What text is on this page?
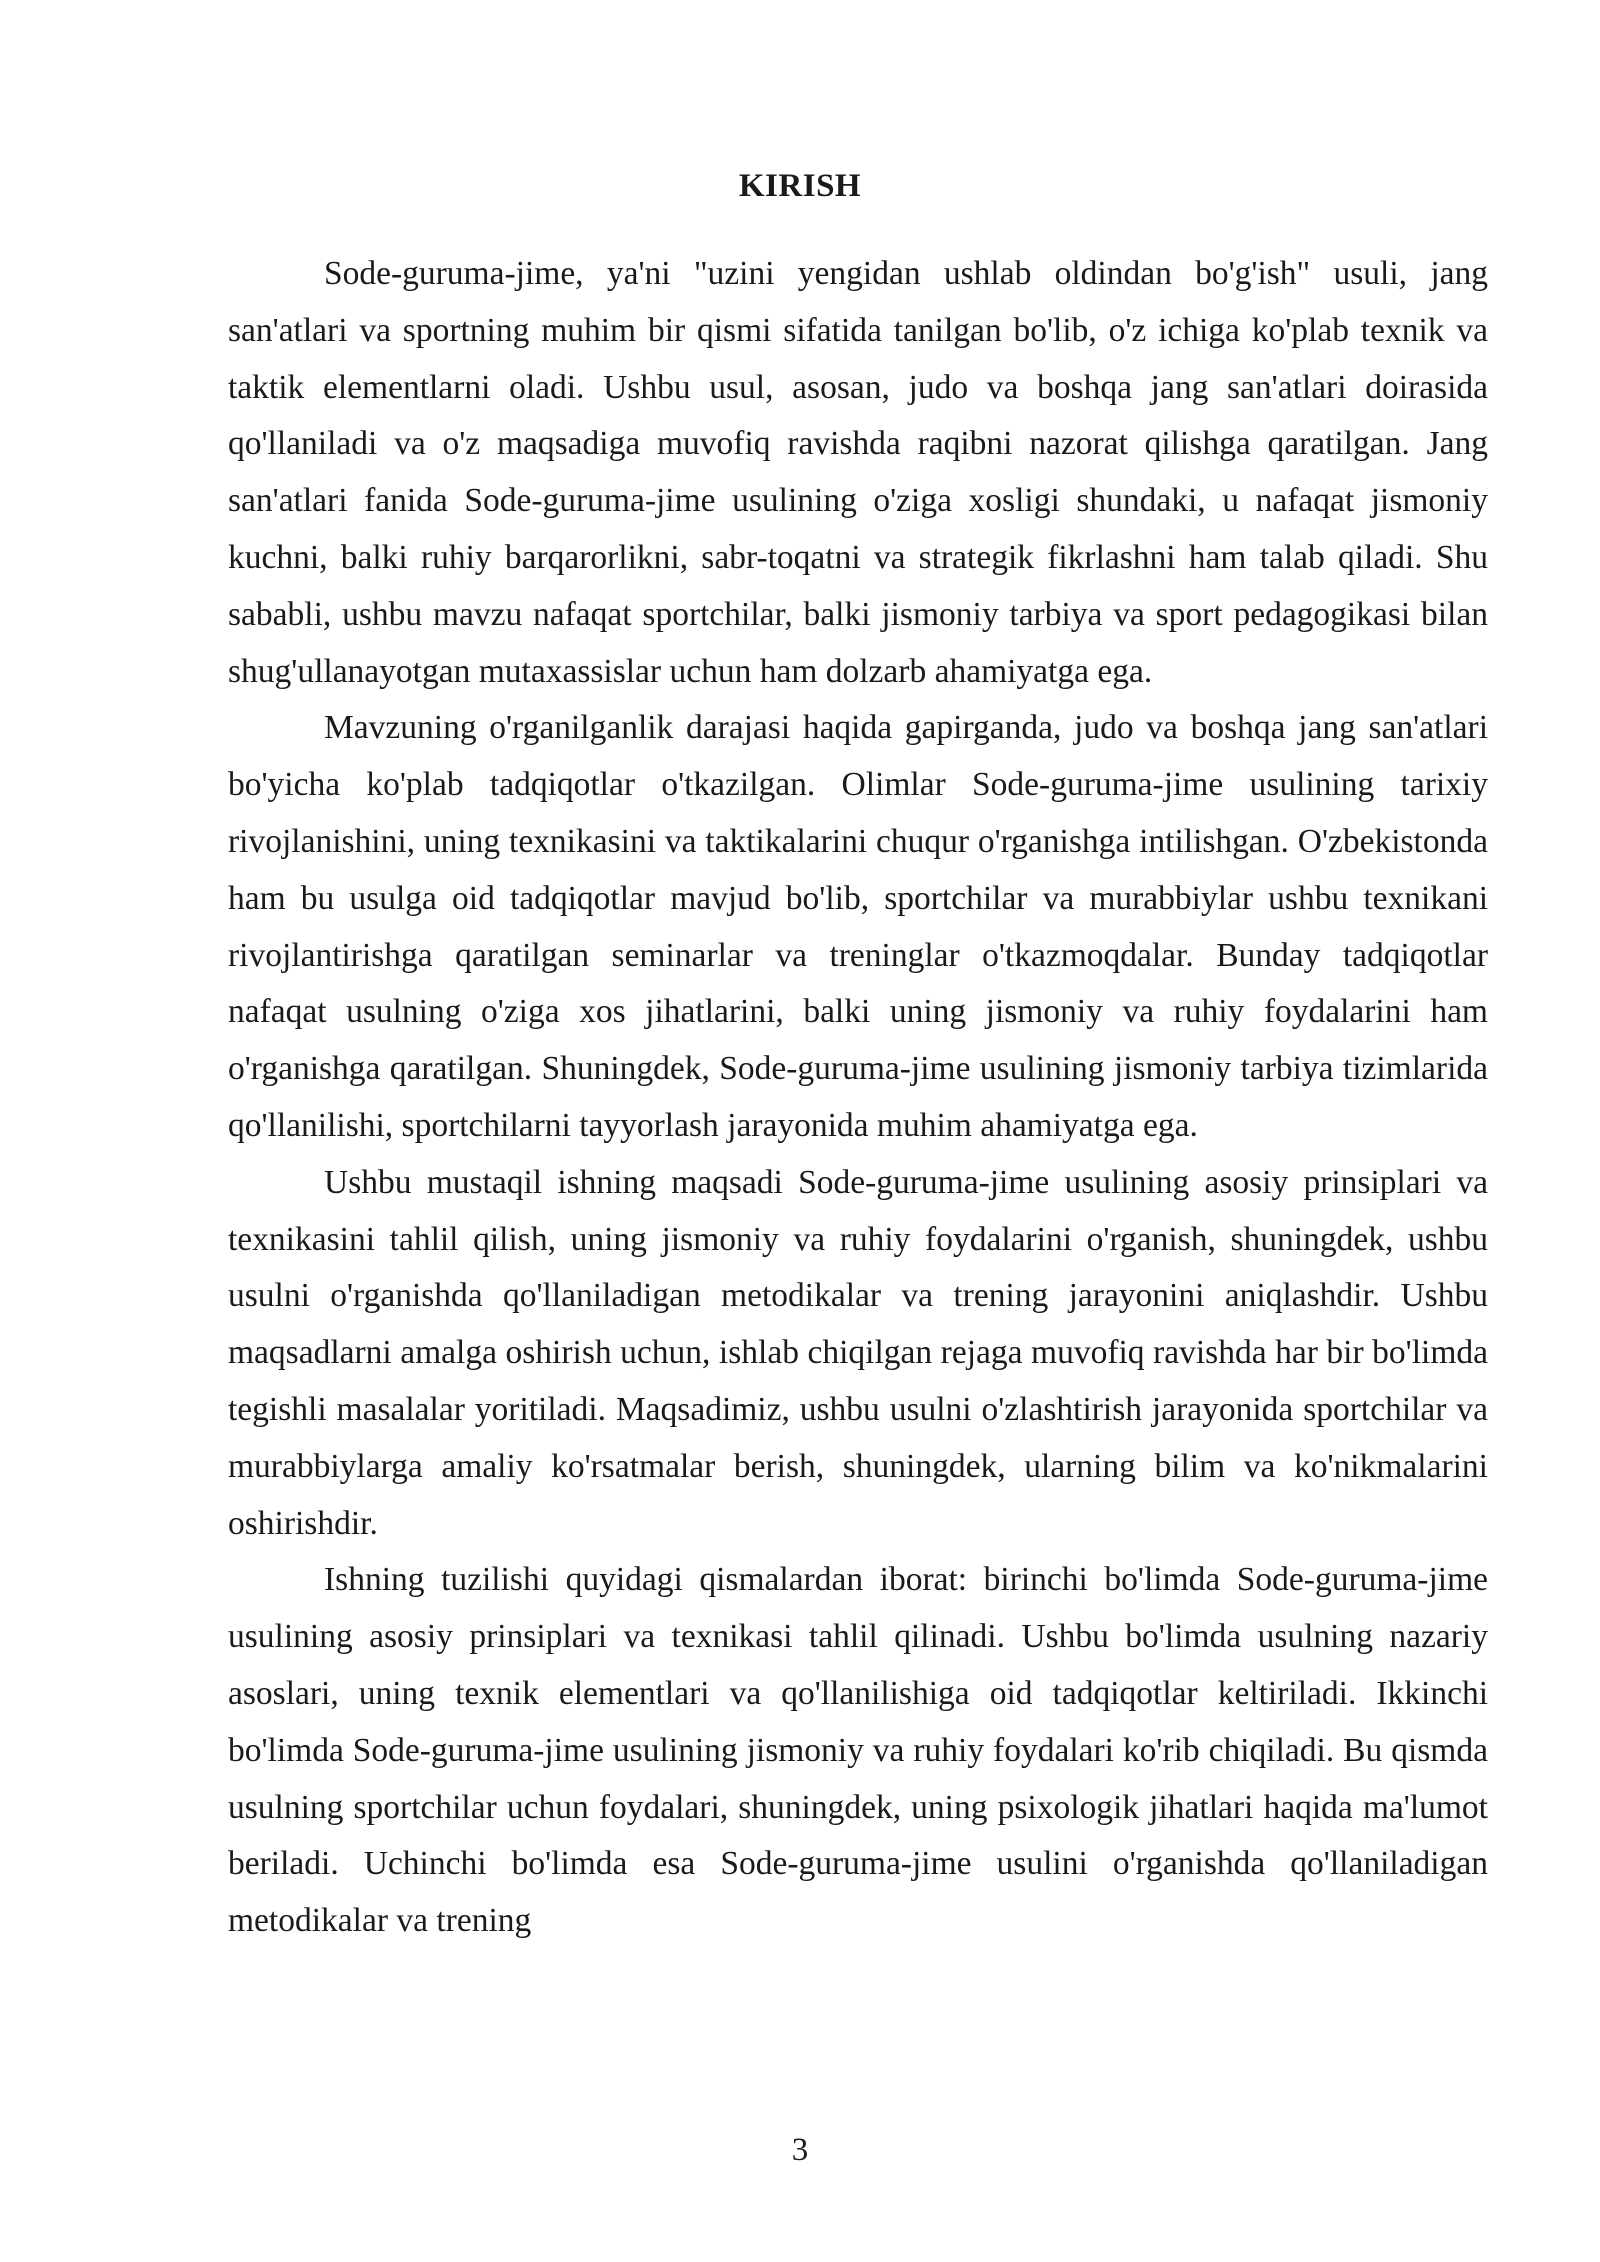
KIRISH

Sode-guruma-jime, ya'ni "uzini yengidan ushlab oldindan bo'g'ish" usuli, jang san'atlari va sportning muhim bir qismi sifatida tanilgan bo'lib, o'z ichiga ko'plab texnik va taktik elementlarni oladi. Ushbu usul, asosan, judo va boshqa jang san'atlari doirasida qo'llaniladi va o'z maqsadiga muvofiq ravishda raqibni nazorat qilishga qaratilgan. Jang san'atlari fanida Sode-guruma-jime usulining o'ziga xosligi shundaki, u nafaqat jismoniy kuchni, balki ruhiy barqarorlikni, sabr-toqatni va strategik fikrlashni ham talab qiladi. Shu sababli, ushbu mavzu nafaqat sportchilar, balki jismoniy tarbiya va sport pedagogikasi bilan shug'ullanayotgan mutaxassislar uchun ham dolzarb ahamiyatga ega.

Mavzuning o'rganilganlik darajasi haqida gapirganda, judo va boshqa jang san'atlari bo'yicha ko'plab tadqiqotlar o'tkazilgan. Olimlar Sode-guruma-jime usulining tarixiy rivojlanishini, uning texnikasini va taktikalarini chuqur o'rganishga intilishgan. O'zbekistonda ham bu usulga oid tadqiqotlar mavjud bo'lib, sportchilar va murabbiylar ushbu texnikani rivojlantirishga qaratilgan seminarlar va treninglar o'tkazmoqdalar. Bunday tadqiqotlar nafaqat usulning o'ziga xos jihatlarini, balki uning jismoniy va ruhiy foydalarini ham o'rganishga qaratilgan. Shuningdek, Sode-guruma-jime usulining jismoniy tarbiya tizimlarida qo'llanilishi, sportchilarni tayyorlash jarayonida muhim ahamiyatga ega.

Ushbu mustaqil ishning maqsadi Sode-guruma-jime usulining asosiy prinsiplari va texnikasini tahlil qilish, uning jismoniy va ruhiy foydalarini o'rganish, shuningdek, ushbu usulni o'rganishda qo'llaniladigan metodikalar va trening jarayonini aniqlashdir. Ushbu maqsadlarni amalga oshirish uchun, ishlab chiqilgan rejaga muvofiq ravishda har bir bo'limda tegishli masalalar yoritiladi. Maqsadimiz, ushbu usulni o'zlashtirish jarayonida sportchilar va murabbiylarga amaliy ko'rsatmalar berish, shuningdek, ularning bilim va ko'nikmalarini oshirishdir.

Ishning tuzilishi quyidagi qismalardan iborat: birinchi bo'limda Sode-guruma-jime usulining asosiy prinsiplari va texnikasi tahlil qilinadi. Ushbu bo'limda usulning nazariy asoslari, uning texnik elementlari va qo'llanilishiga oid tadqiqotlar keltiriladi. Ikkinchi bo'limda Sode-guruma-jime usulining jismoniy va ruhiy foydalari ko'rib chiqiladi. Bu qismda usulning sportchilar uchun foydalari, shuningdek, uning psixologik jihatlari haqida ma'lumot beriladi. Uchinchi bo'limda esa Sode-guruma-jime usulini o'rganishda qo'llaniladigan metodikalar va trening

3
